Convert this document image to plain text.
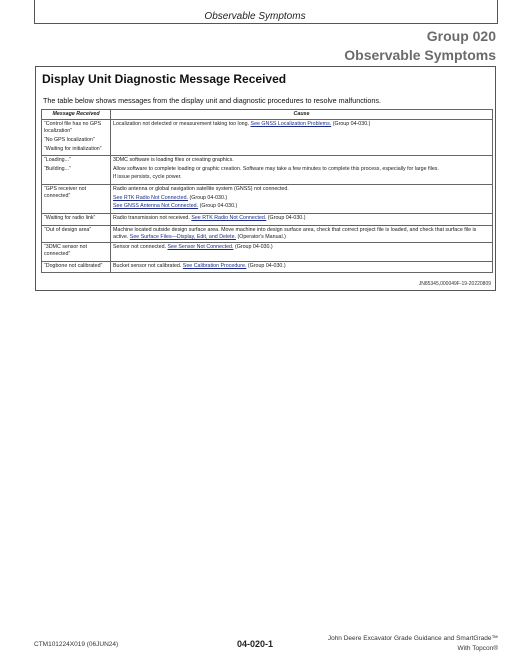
Observable Symptoms
Group 020
Observable Symptoms
Display Unit Diagnostic Message Received
The table below shows messages from the display unit and diagnostic procedures to resolve malfunctions.
Message Received	Cause

“Control file has no GPS localization”
“No GPS localization”
“Waiting for initialization”	Localization not detected or measurement taking too long. See GNSS Localization Problems. (Group 04-030.)

“Loading...”
“Building...”	3DMC software is loading files or creating graphics.
Allow software to complete loading or graphic creation. Software may take a few minutes to complete this process, especially for large files.
If issue persists, cycle power.

“GPS receiver not connected”	Radio antenna or global navigation satellite system (GNSS) not connected.
See RTK Radio Not Connected. (Group 04-030.)
See GNSS Antenna Not Connected. (Group 04-030.)

“Waiting for radio link”	Radio transmission not received. See RTK Radio Not Connected. (Group 04-030.)

“Out of design area”	Machine located outside design surface area. Move machine into design surface area, check that correct project file is loaded, and check that surface file is active. See Surface Files—Display, Edit, and Delete. (Operator's Manual.)

“3DMC sensor not connected”	Sensor not connected. See Sensor Not Connected. (Group 04-030.)

“Dogbone not calibrated”	Bucket sensor not calibrated. See Calibration Procedure. (Group 04-030.)
JN85345,000049F-19-20220809
CTM101224X019 (06JUN24)	04-020-1
John Deere Excavator Grade Guidance and SmartGrade™
With Topcon®
